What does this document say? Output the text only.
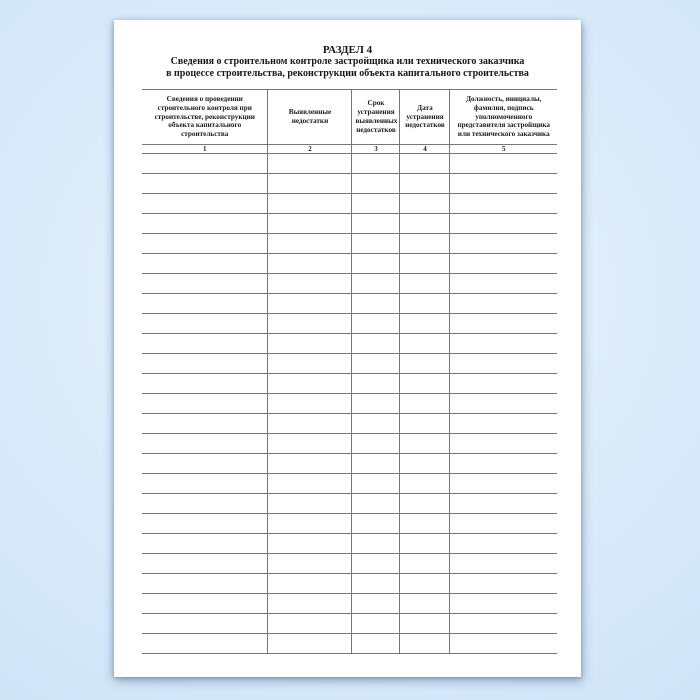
РАЗДЕЛ 4
Сведения о строительном контроле застройщика или технического заказчика
в процессе строительства, реконструкции объекта капитального строительства
Сведения о проведении строительного контроля при строительстве, реконструкции объекта капитального строительства	Выявленные недостатки	Срок устранения выявленных недостатков	Дата устранения недостатков	Должность, инициалы, фамилия, подпись уполномоченного представителя застройщика или технического заказчика
1	2	3	4	5
